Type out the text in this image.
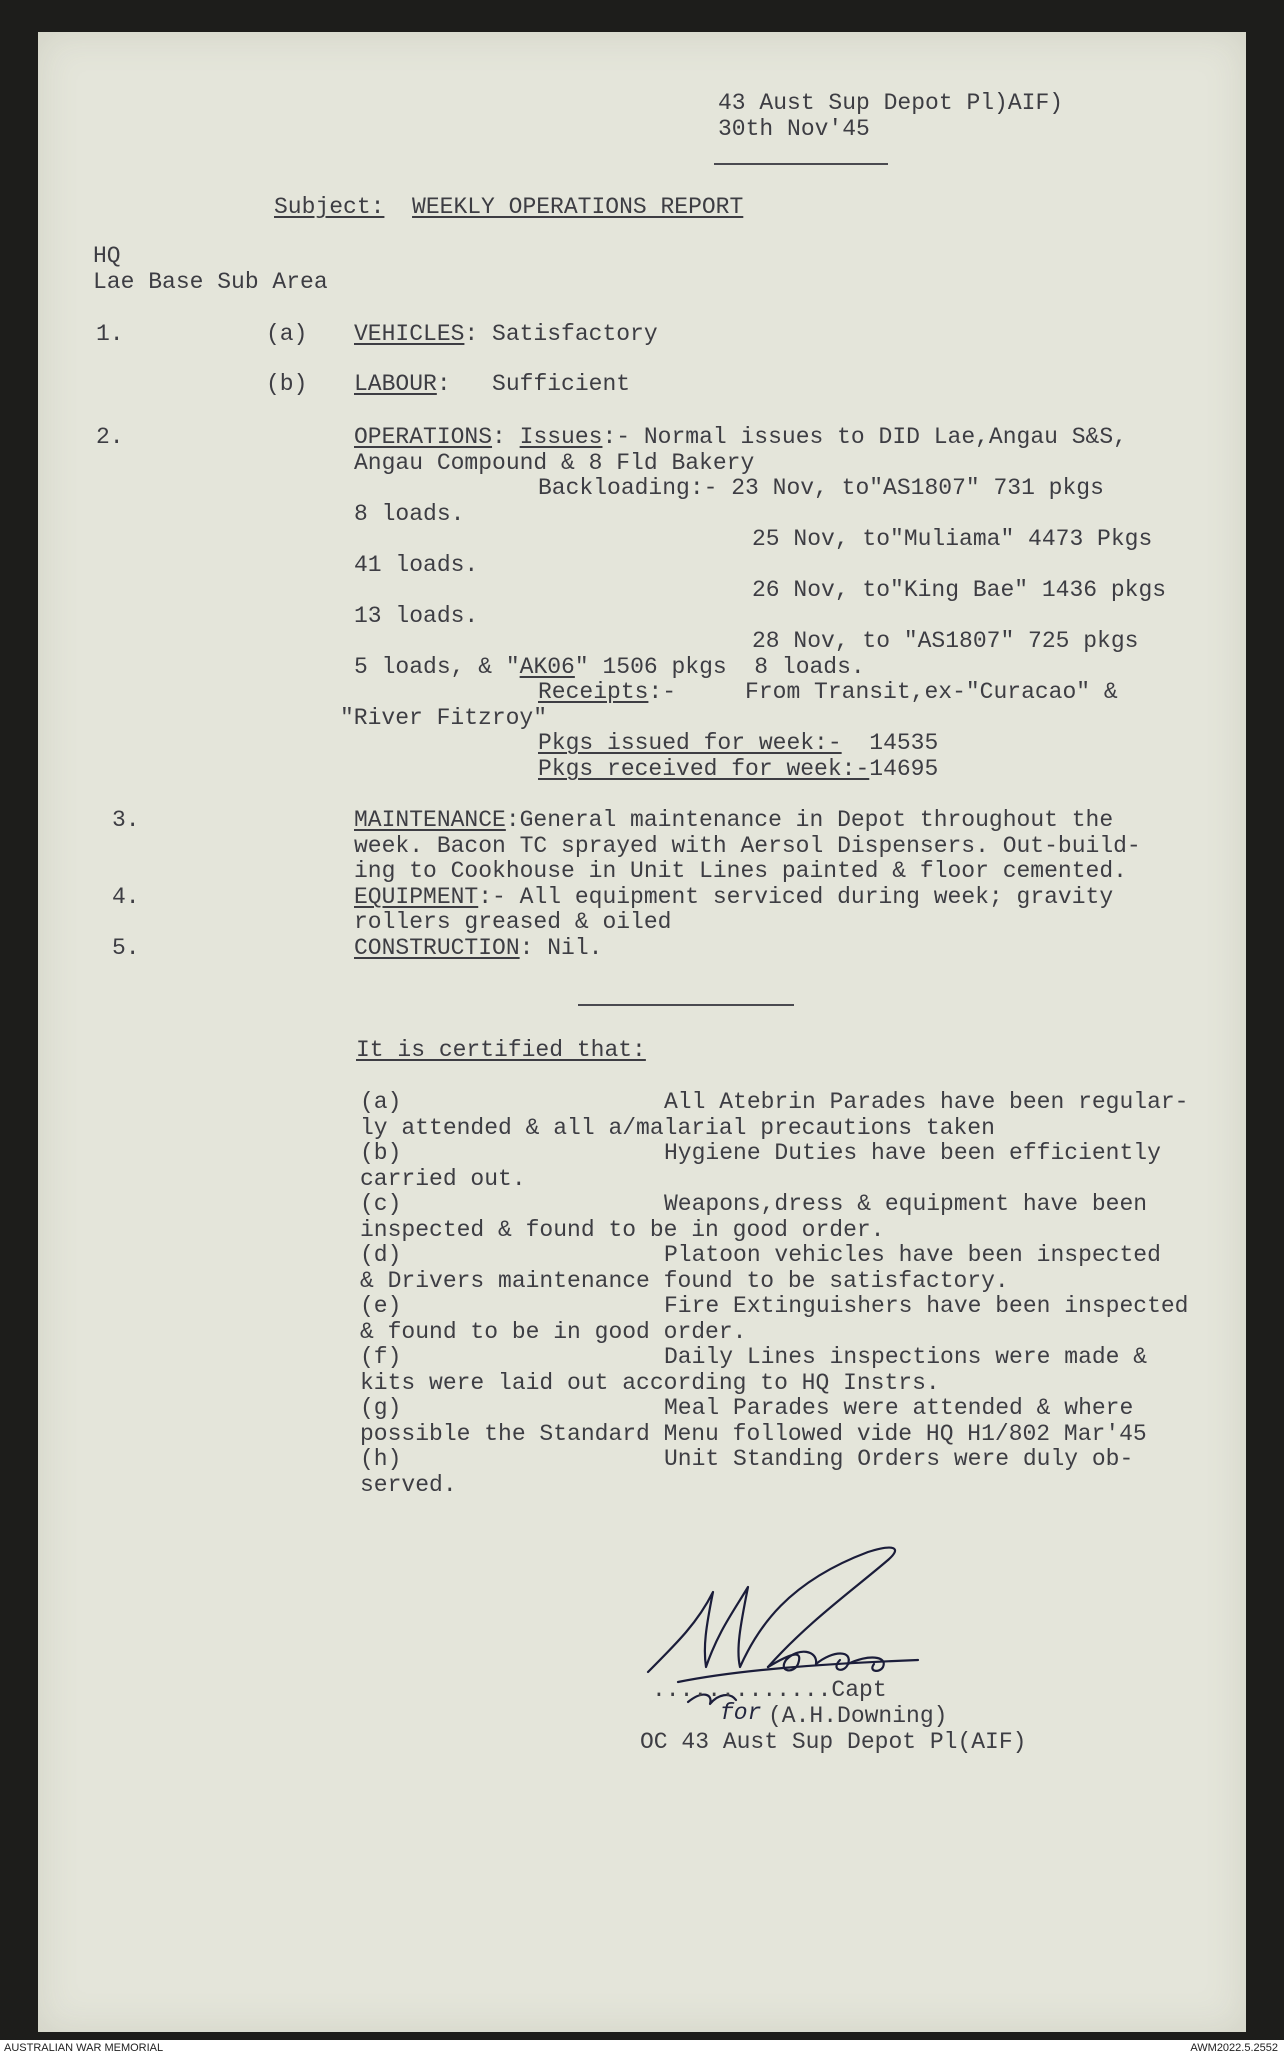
43 Aust Sup Depot Pl)AIF)
30th Nov'45
Subject: WEEKLY OPERATIONS REPORT
HQ
Lae Base Sub Area
1.	(a) VEHICLES: Satisfactory
(b) LABOUR:   Sufficient
2.	OPERATIONS: Issues:- Normal issues to DID Lae,Angau S&S,
Angau Compound & 8 Fld Bakery
Backloading:- 23 Nov, to"AS1807" 731 pkgs
8 loads.
25 Nov, to"Muliama" 4473 Pkgs
41 loads.
26 Nov, to"King Bae" 1436 pkgs
13 loads.
28 Nov, to "AS1807" 725 pkgs
5 loads, & "AK06" 1506 pkgs  8 loads.
Receipts:-     From Transit,ex-"Curacao" &
"River Fitzroy"
Pkgs issued for week:-  14535
Pkgs received for week:-14695
3.	MAINTENANCE:General maintenance in Depot throughout the
week. Bacon TC sprayed with Aersol Dispensers. Out-build-
ing to Cookhouse in Unit Lines painted & floor cemented.
4.	EQUIPMENT:- All equipment serviced during week; gravity
rollers greased & oiled
5.	CONSTRUCTION: Nil.
It is certified that:
(a)	All Atebrin Parades have been regular-
ly attended & all a/malarial precautions taken
(b)	Hygiene Duties have been efficiently
carried out.
(c)	Weapons,dress & equipment have been
inspected & found to be in good order.
(d)	Platoon vehicles have been inspected
& Drivers maintenance found to be satisfactory.
(e)	Fire Extinguishers have been inspected
& found to be in good order.
(f)	Daily Lines inspections were made &
kits were laid out according to HQ Instrs.
(g)	Meal Parades were attended & where
possible the Standard Menu followed vide HQ H1/802 Mar'45
(h)	Unit Standing Orders were duly ob-
served.
.............Capt
for (A.H.Downing)
OC 43 Aust Sup Depot Pl(AIF)
AUSTRALIAN WAR MEMORIAL	AWM2022.5.2552
